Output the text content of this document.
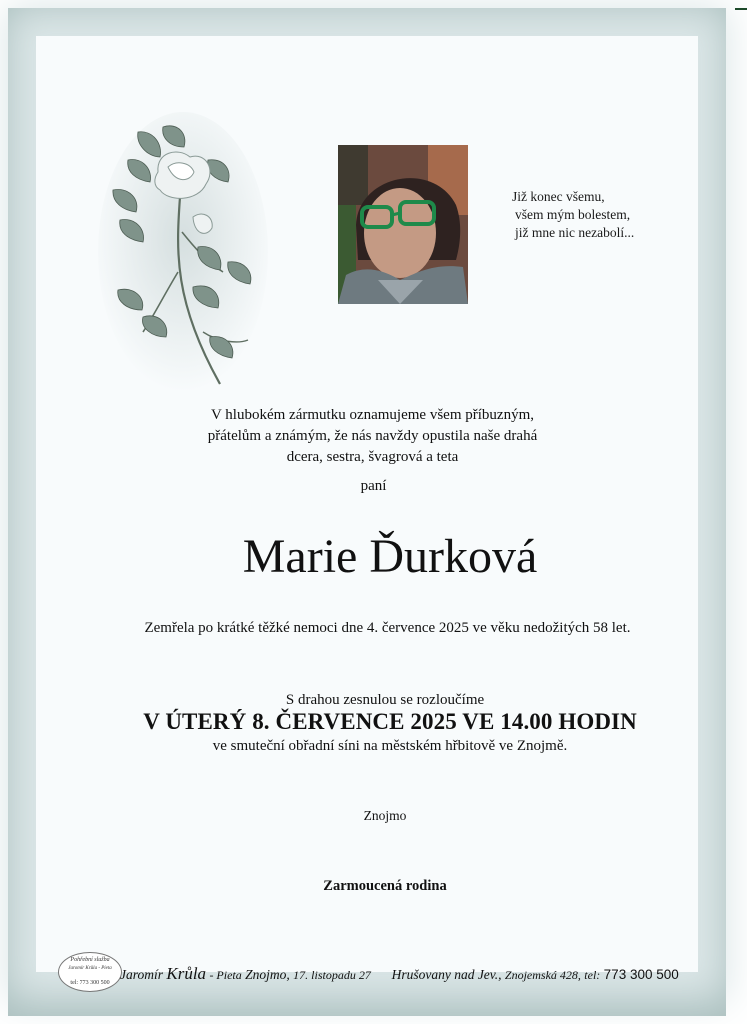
Již konec všemu,
všem mým bolestem,
již mne nic nezabolí...
V hlubokém zármutku oznamujeme všem příbuzným,
přátelům a známým, že nás navždy opustila naše drahá
dcera, sestra, švagrová a teta
paní
Marie Ďurková
Zemřela po krátké těžké nemoci dne 4. července 2025 ve věku nedožitých 58 let.
S drahou zesnulou se rozloučíme
V ÚTERÝ 8. ČERVENCE 2025 VE 14.00 HODIN
ve smuteční obřadní síni na městském hřbitově ve Znojmě.
Znojmo
Zarmoucená rodina
Pohřební služba
Jaromír Krůla - Pieta
tel: 773 300 500
Jaromír Krůla - Pieta Znojmo, 17. listopadu 27 Hrušovany nad Jev., Znojemská 428, tel: 773 300 500
